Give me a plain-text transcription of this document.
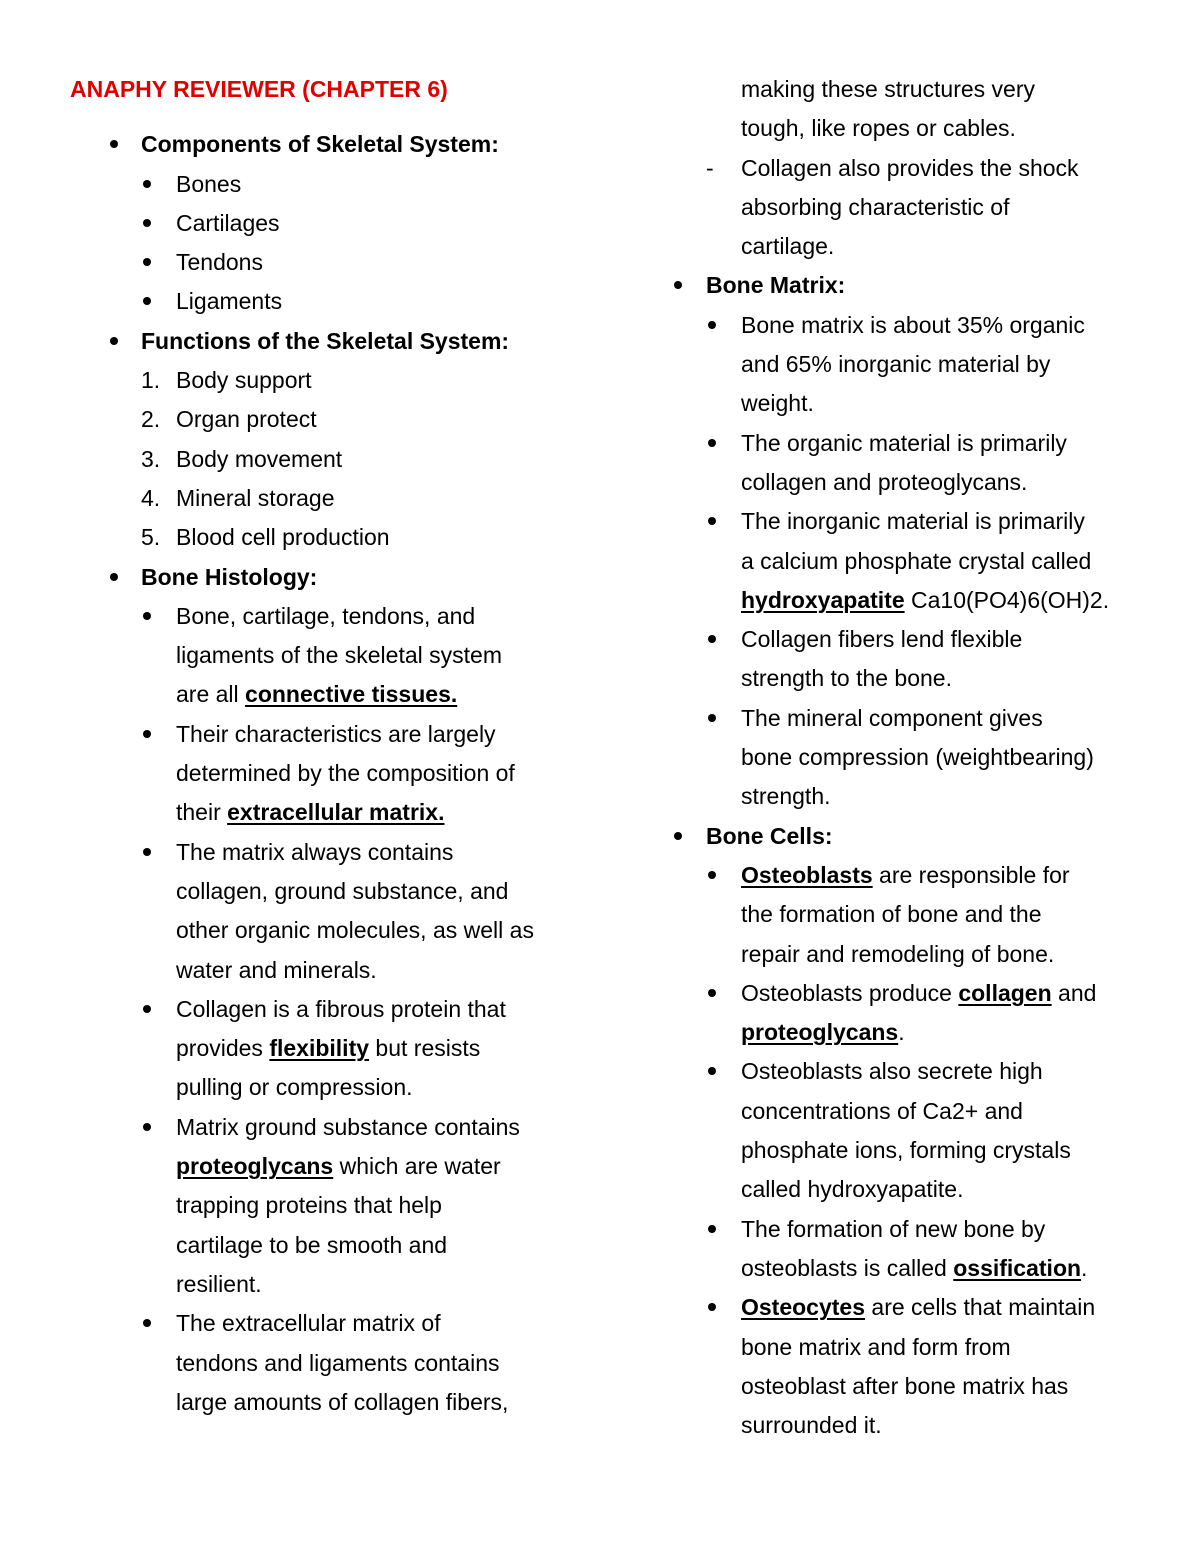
ANAPHY REVIEWER (CHAPTER 6)
Components of Skeletal System:
Bones
Cartilages
Tendons
Ligaments
Functions of the Skeletal System:
1. Body support
2. Organ protect
3. Body movement
4. Mineral storage
5. Blood cell production
Bone Histology:
Bone, cartilage, tendons, and
ligaments of the skeletal system
are all connective tissues.
Their characteristics are largely
determined by the composition of
their extracellular matrix.
The matrix always contains
collagen, ground substance, and
other organic molecules, as well as
water and minerals.
Collagen is a fibrous protein that
provides flexibility but resists
pulling or compression.
Matrix ground substance contains
proteoglycans which are water
trapping proteins that help
cartilage to be smooth and
resilient.
The extracellular matrix of
tendons and ligaments contains
large amounts of collagen fibers,
making these structures very
tough, like ropes or cables.
- Collagen also provides the shock
absorbing characteristic of
cartilage.
Bone Matrix:
Bone matrix is about 35% organic
and 65% inorganic material by
weight.
The organic material is primarily
collagen and proteoglycans.
The inorganic material is primarily
a calcium phosphate crystal called
hydroxyapatite Ca10(PO4)6(OH)2.
Collagen fibers lend flexible
strength to the bone.
The mineral component gives
bone compression (weightbearing)
strength.
Bone Cells:
Osteoblasts are responsible for
the formation of bone and the
repair and remodeling of bone.
Osteoblasts produce collagen and
proteoglycans.
Osteoblasts also secrete high
concentrations of Ca2+ and
phosphate ions, forming crystals
called hydroxyapatite.
The formation of new bone by
osteoblasts is called ossification.
Osteocytes are cells that maintain
bone matrix and form from
osteoblast after bone matrix has
surrounded it.
